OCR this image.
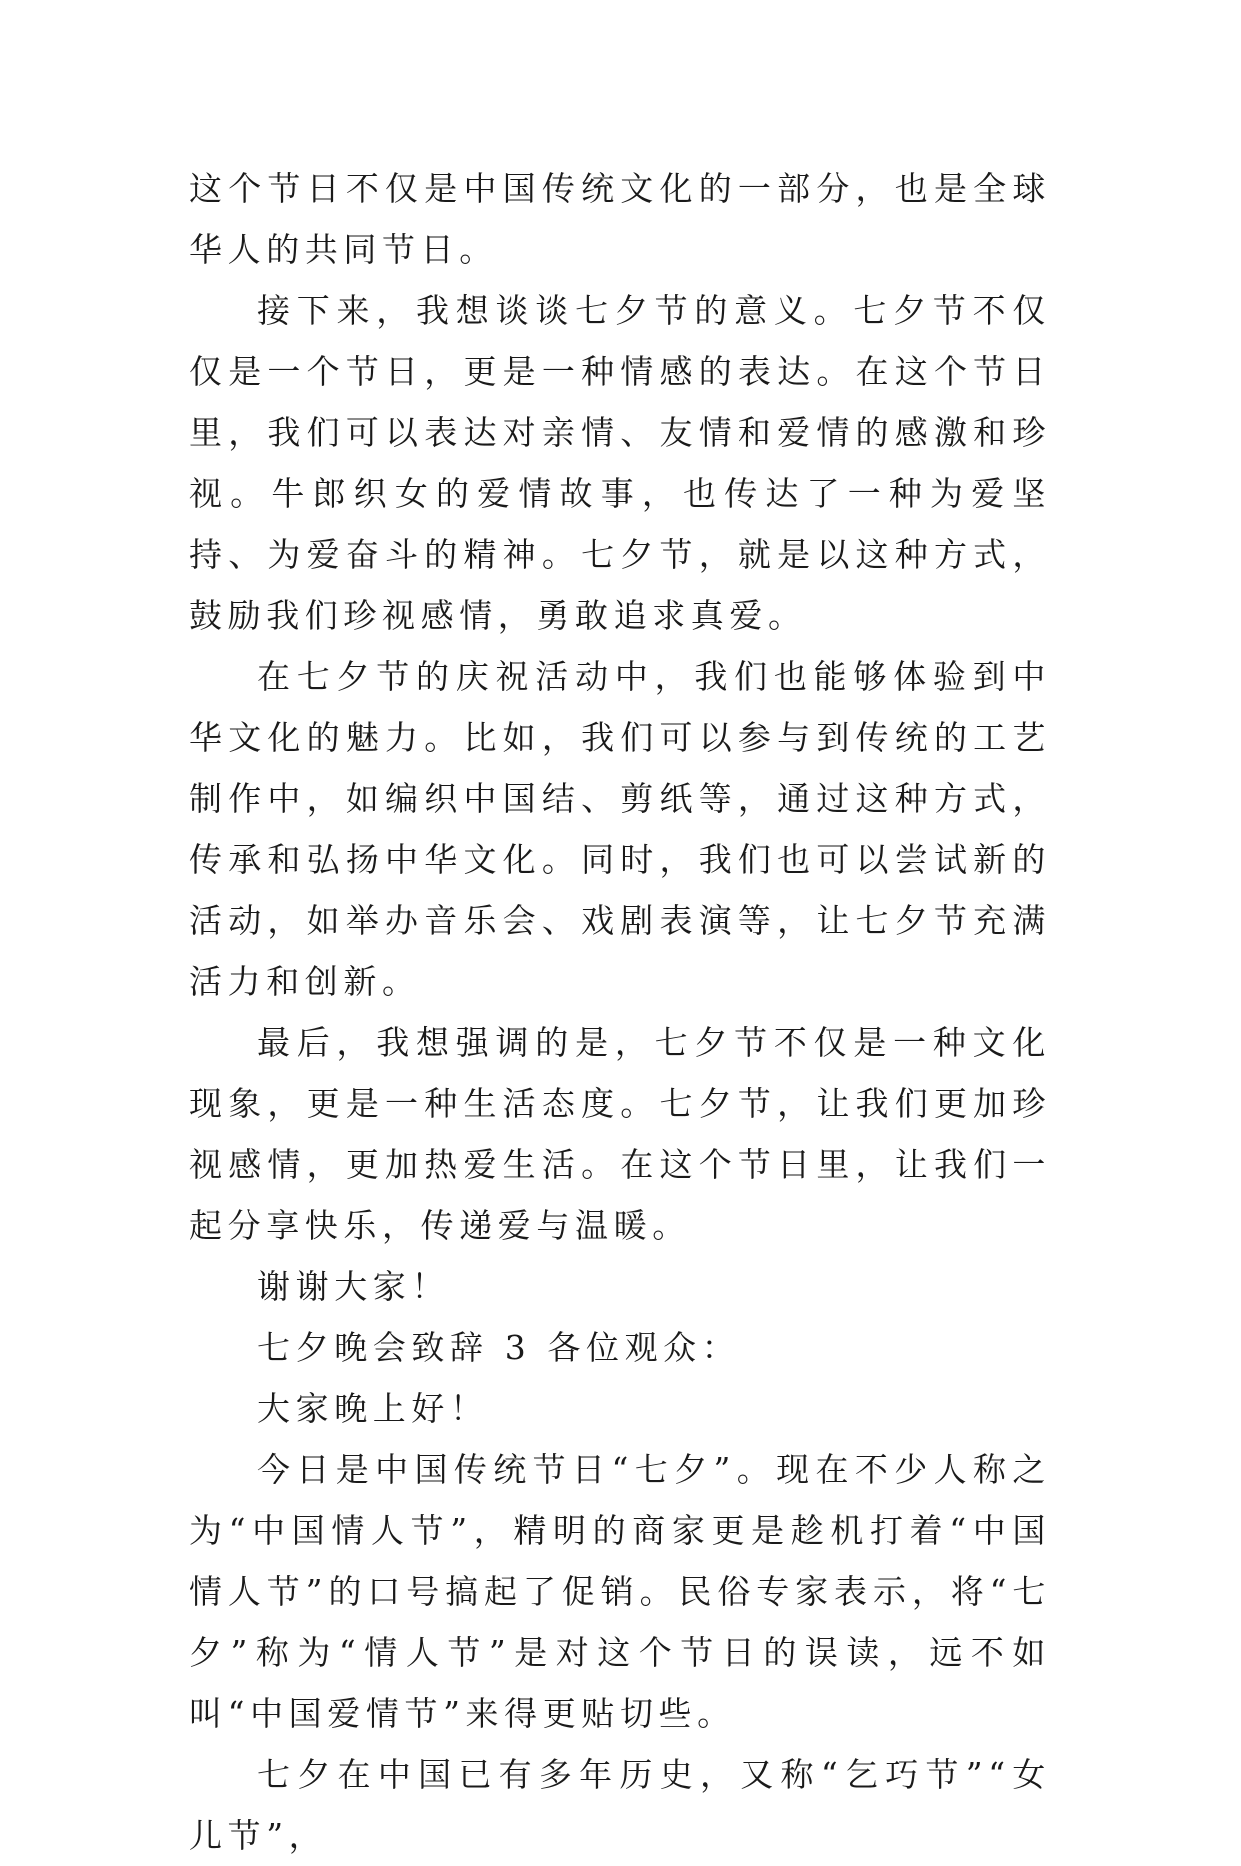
这个节日不仅是中国传统文化的一部分，也是全球华人的共同节日。

接下来，我想谈谈七夕节的意义。七夕节不仅仅是一个节日，更是一种情感的表达。在这个节日里，我们可以表达对亲情、友情和爱情的感激和珍视。牛郎织女的爱情故事，也传达了一种为爱坚持、为爱奋斗的精神。七夕节，就是以这种方式，鼓励我们珍视感情，勇敢追求真爱。

在七夕节的庆祝活动中，我们也能够体验到中华文化的魅力。比如，我们可以参与到传统的工艺制作中，如编织中国结、剪纸等，通过这种方式，传承和弘扬中华文化。同时，我们也可以尝试新的活动，如举办音乐会、戏剧表演等，让七夕节充满活力和创新。

最后，我想强调的是，七夕节不仅是一种文化现象，更是一种生活态度。七夕节，让我们更加珍视感情，更加热爱生活。在这个节日里，让我们一起分享快乐，传递爱与温暖。

谢谢大家！

七夕晚会致辞 3 各位观众：

大家晚上好！

今日是中国传统节日“七夕”。现在不少人称之为“中国情人节”，精明的商家更是趁机打着“中国情人节”的口号搞起了促销。民俗专家表示，将“七夕”称为“情人节”是对这个节日的误读，远不如叫“中国爱情节”来得更贴切些。

七夕在中国已有多年历史，又称“乞巧节”“女儿节”，
